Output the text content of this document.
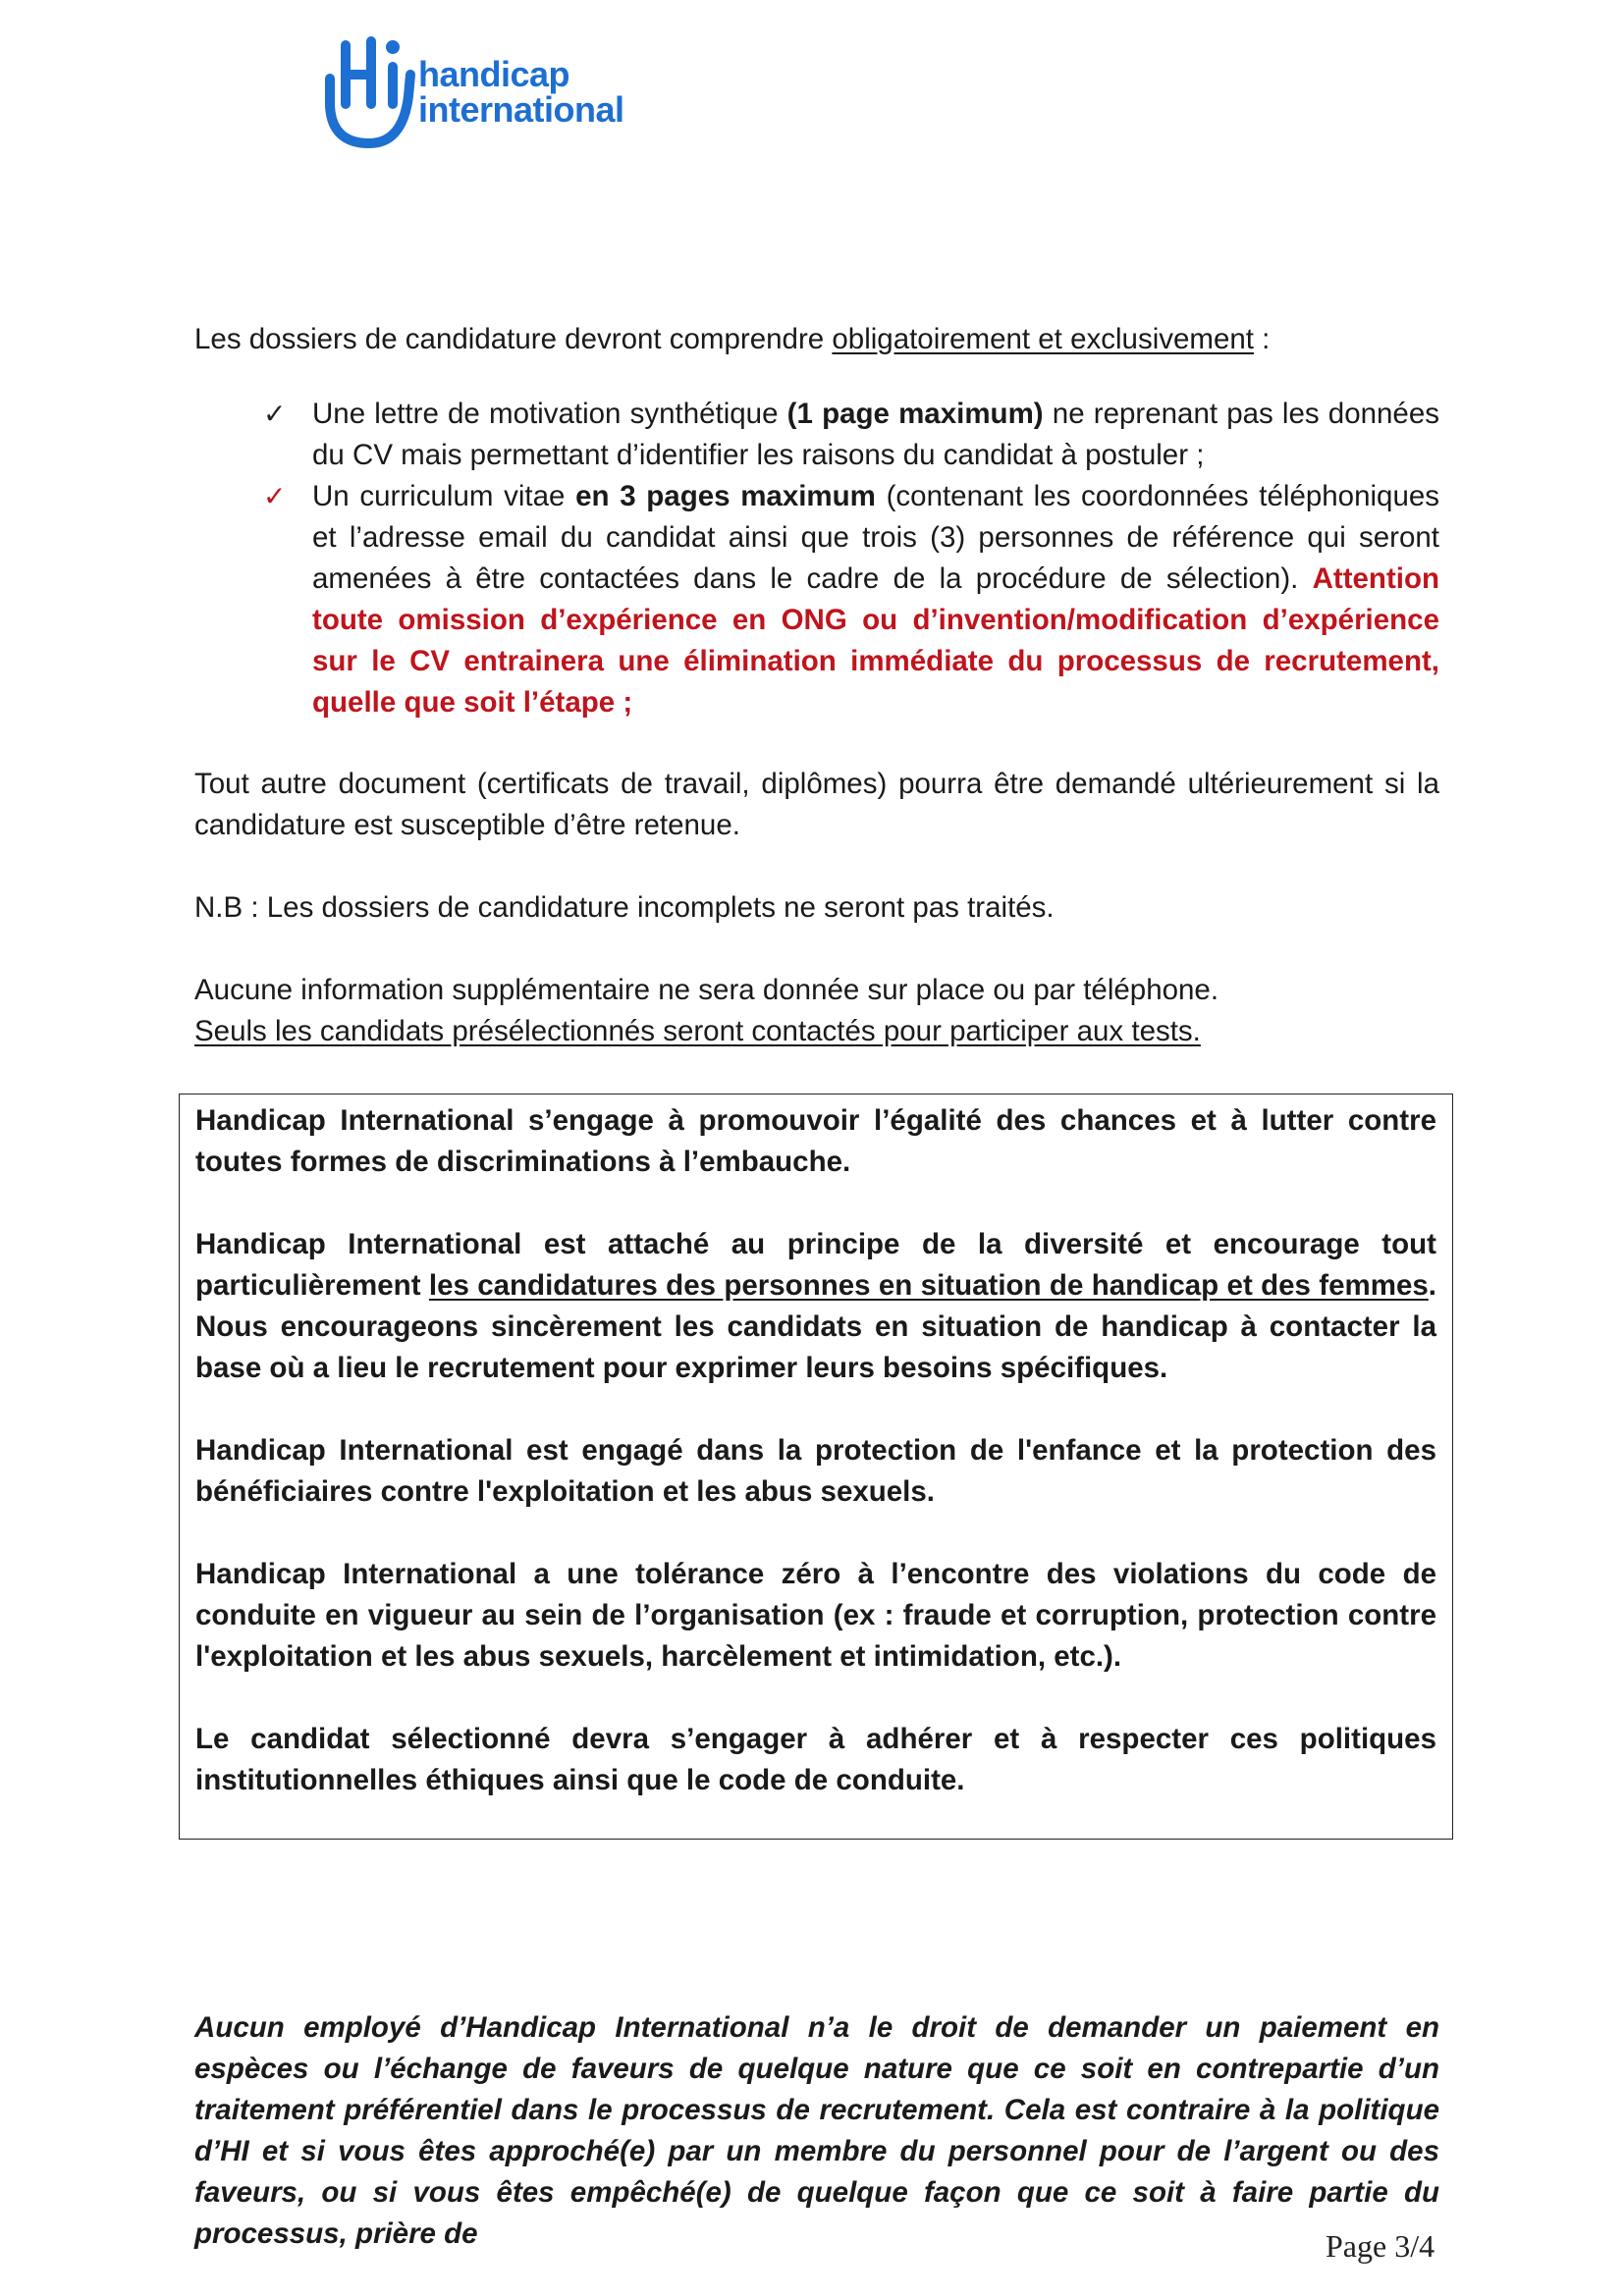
handicap
international

Les dossiers de candidature devront comprendre obligatoirement et exclusivement :

✓ Une lettre de motivation synthétique (1 page maximum) ne reprenant pas les données du CV mais permettant d’identifier les raisons du candidat à postuler ;
✓ Un curriculum vitae en 3 pages maximum (contenant les coordonnées téléphoniques et l’adresse email du candidat ainsi que trois (3) personnes de référence qui seront amenées à être contactées dans le cadre de la procédure de sélection). Attention toute omission d’expérience en ONG ou d’invention/modification d’expérience sur le CV entrainera une élimination immédiate du processus de recrutement, quelle que soit l’étape ;
Tout autre document (certificats de travail, diplômes) pourra être demandé ultérieurement si la candidature est susceptible d’être retenue.
N.B : Les dossiers de candidature incomplets ne seront pas traités.
Aucune information supplémentaire ne sera donnée sur place ou par téléphone.
Seuls les candidats présélectionnés seront contactés pour participer aux tests.

Handicap International s’engage à promouvoir l’égalité des chances et à lutter contre toutes formes de discriminations à l’embauche.

Handicap International est attaché au principe de la diversité et encourage tout particulièrement les candidatures des personnes en situation de handicap et des femmes. Nous encourageons sincèrement les candidats en situation de handicap à contacter la base où a lieu le recrutement pour exprimer leurs besoins spécifiques.

Handicap International est engagé dans la protection de l'enfance et la protection des bénéficiaires contre l'exploitation et les abus sexuels.

Handicap International a une tolérance zéro à l’encontre des violations du code de conduite en vigueur au sein de l’organisation (ex : fraude et corruption, protection contre l'exploitation et les abus sexuels, harcèlement et intimidation, etc.).

Le candidat sélectionné devra s’engager à adhérer et à respecter ces politiques institutionnelles éthiques ainsi que le code de conduite.

Aucun employé d’Handicap International n’a le droit de demander un paiement en espèces ou l’échange de faveurs de quelque nature que ce soit en contrepartie d’un traitement préférentiel dans le processus de recrutement. Cela est contraire à la politique d’HI et si vous êtes approché(e) par un membre du personnel pour de l’argent ou des faveurs, ou si vous êtes empêché(e) de quelque façon que ce soit à faire partie du processus, prière de	Page 3/4
